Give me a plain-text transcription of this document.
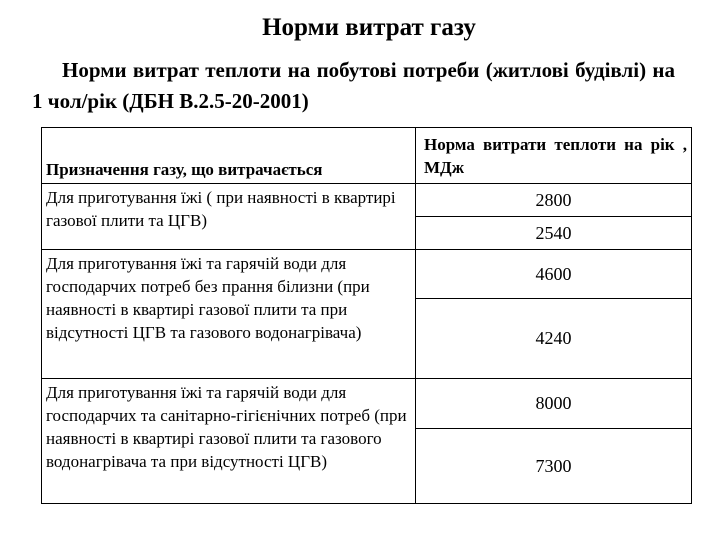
Норми витрат газу

Норми витрат теплоти на побутові потреби (житлові будівлі) на 1 чол/рік (ДБН В.2.5-20-2001)

Призначення газу, що витрачається	Норма витрати теплоти на рік , МДж
Для приготування їжі ( при наявності в квартирі газової плити та ЦГВ)	2800
	2540
Для приготування їжі та гарячій води для господарчих потреб без прання білизни (при наявності в квартирі газової плити та при відсутності ЦГВ та газового водонагрівача)	4600
	4240
Для приготування їжі та гарячій води для господарчих та санітарно-гігієнічних потреб (при наявності в квартирі газової плити та газового водонагрівача та при відсутності ЦГВ)	8000
	7300
